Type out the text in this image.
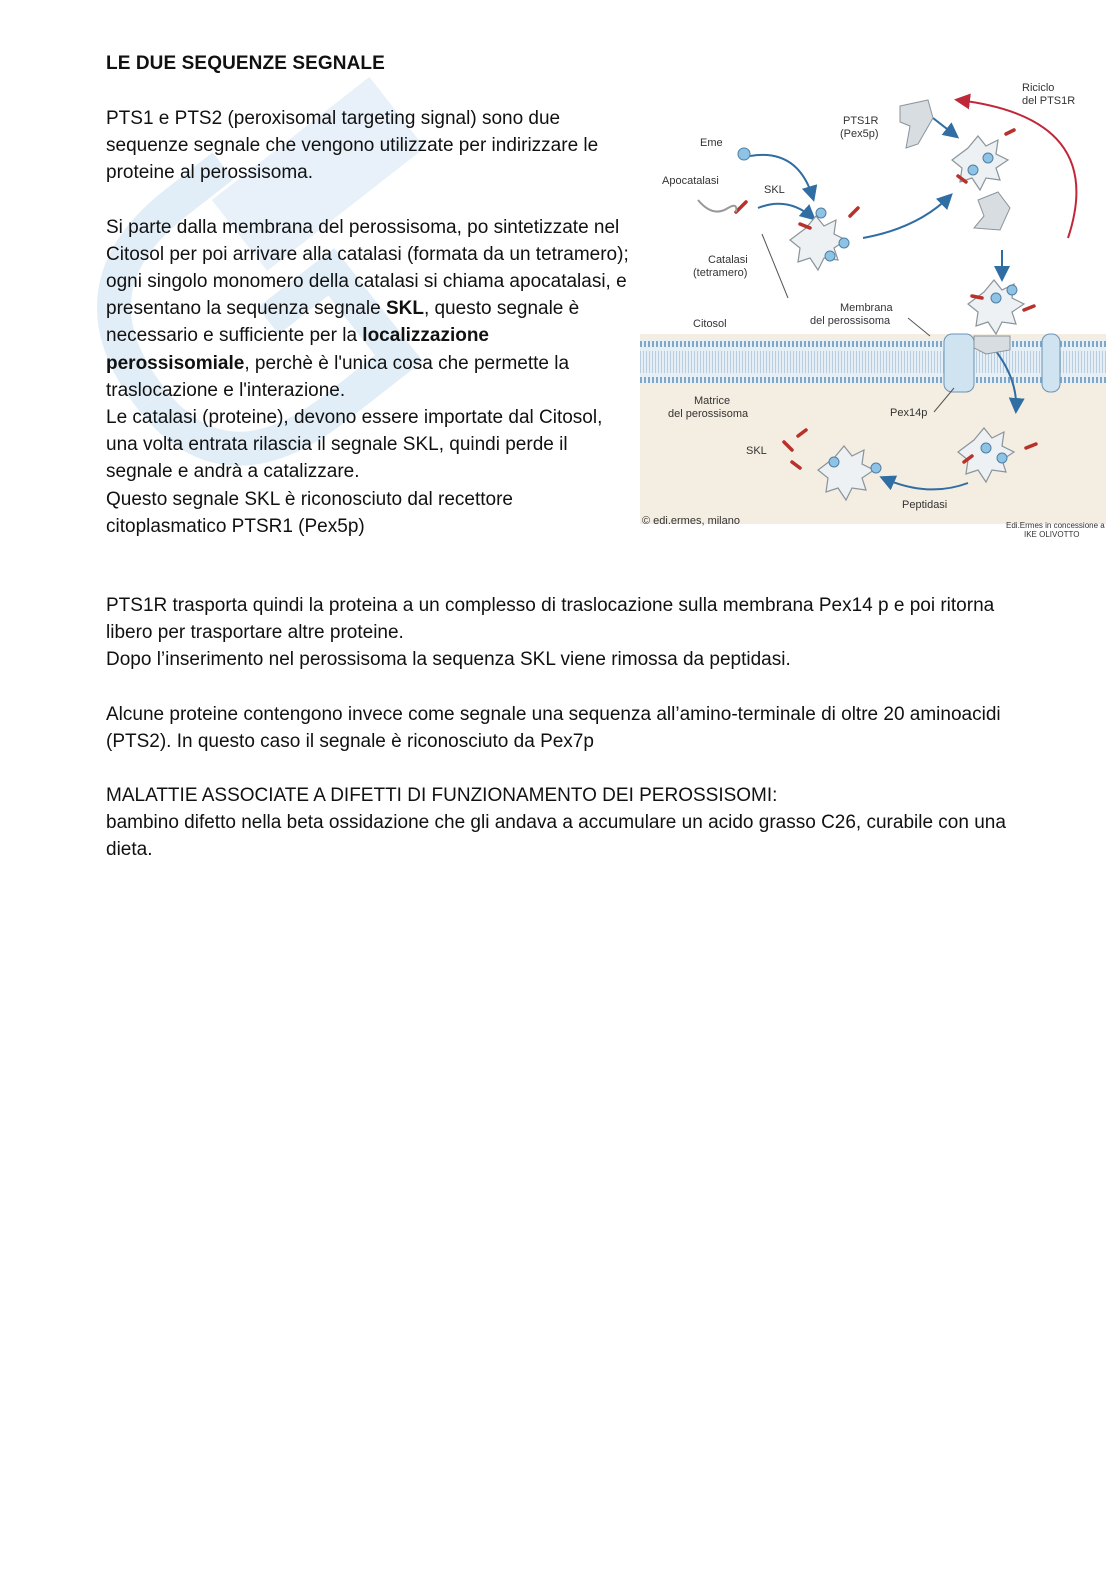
LE DUE SEQUENZE SEGNALE

PTS1 e PTS2 (peroxisomal targeting signal) sono due sequenze segnale che vengono utilizzate per indirizzare le proteine al perossisoma.

Si parte dalla membrana del perossisoma, po sintetizzate nel Citosol per poi arrivare alla catalasi (formata da un tetramero); ogni singolo monomero della catalasi si chiama apocatalasi, e presentano la sequenza segnale SKL, questo segnale è necessario e sufficiente per la localizzazione perossisomiale, perchè è l'unica cosa che permette la traslocazione e l'interazione.

Le catalasi (proteine), devono essere importate dal Citosol, una volta entrata rilascia il segnale SKL, quindi perde il segnale e andrà a catalizzare.

Questo segnale SKL è riconosciuto dal recettore citoplasmatico PTSR1 (Pex5p)

Riciclo
del PTS1R
PTS1R
(Pex5p)
Eme
Apocatalasi
SKL
Catalasi
(tetramero)
Citosol
Membrana
del perossisoma
Matrice
del perossisoma	Pex14p
SKL
Peptidasi
© edi.ermes, milano	Edi.Ermes in concessione a
IKE OLIVOTTO

PTS1R trasporta quindi la proteina a un complesso di traslocazione sulla membrana Pex14 p e poi ritorna libero per trasportare altre proteine.

Dopo l’inserimento nel perossisoma la sequenza SKL viene rimossa da peptidasi.

Alcune proteine contengono invece come segnale una sequenza all’amino-terminale di oltre 20 aminoacidi (PTS2). In questo caso il segnale è riconosciuto da Pex7p

MALATTIE ASSOCIATE A DIFETTI DI FUNZIONAMENTO DEI PEROSSISOMI:

bambino difetto nella beta ossidazione che gli andava a accumulare un acido grasso C26, curabile con una dieta.
